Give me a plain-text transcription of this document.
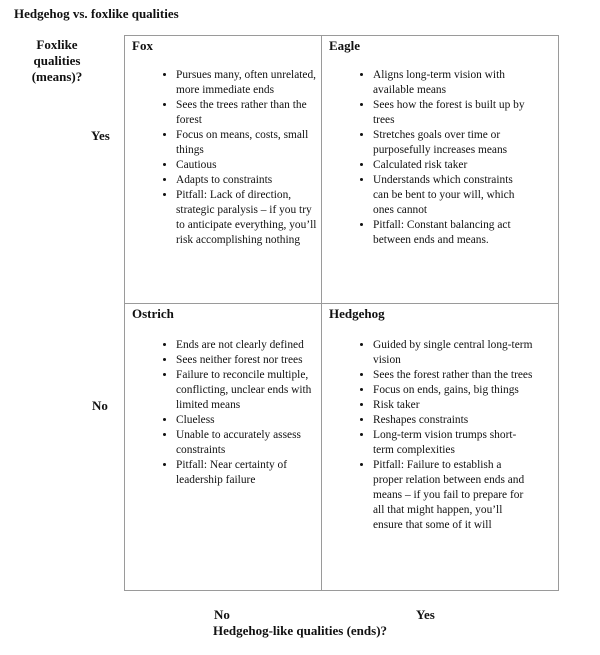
Hedgehog vs. foxlike qualities
Foxlike qualities (means)?
Yes
No
Fox
• Pursues many, often unrelated, more immediate ends
• Sees the trees rather than the forest
• Focus on means, costs, small things
• Cautious
• Adapts to constraints
• Pitfall: Lack of direction, strategic paralysis – if you try to anticipate everything, you’ll risk accomplishing nothing
Eagle
• Aligns long-term vision with available means
• Sees how the forest is built up by trees
• Stretches goals over time or purposefully increases means
• Calculated risk taker
• Understands which constraints can be bent to your will, which ones cannot
• Pitfall: Constant balancing act between ends and means.
Ostrich
• Ends are not clearly defined
• Sees neither forest nor trees
• Failure to reconcile multiple, conflicting, unclear ends with limited means
• Clueless
• Unable to accurately assess constraints
• Pitfall: Near certainty of leadership failure
Hedgehog
• Guided by single central long-term vision
• Sees the forest rather than the trees
• Focus on ends, gains, big things
• Risk taker
• Reshapes constraints
• Long-term vision trumps short-term complexities
• Pitfall: Failure to establish a proper relation between ends and means – if you fail to prepare for all that might happen, you’ll ensure that some of it will
No	Yes
Hedgehog-like qualities (ends)?
